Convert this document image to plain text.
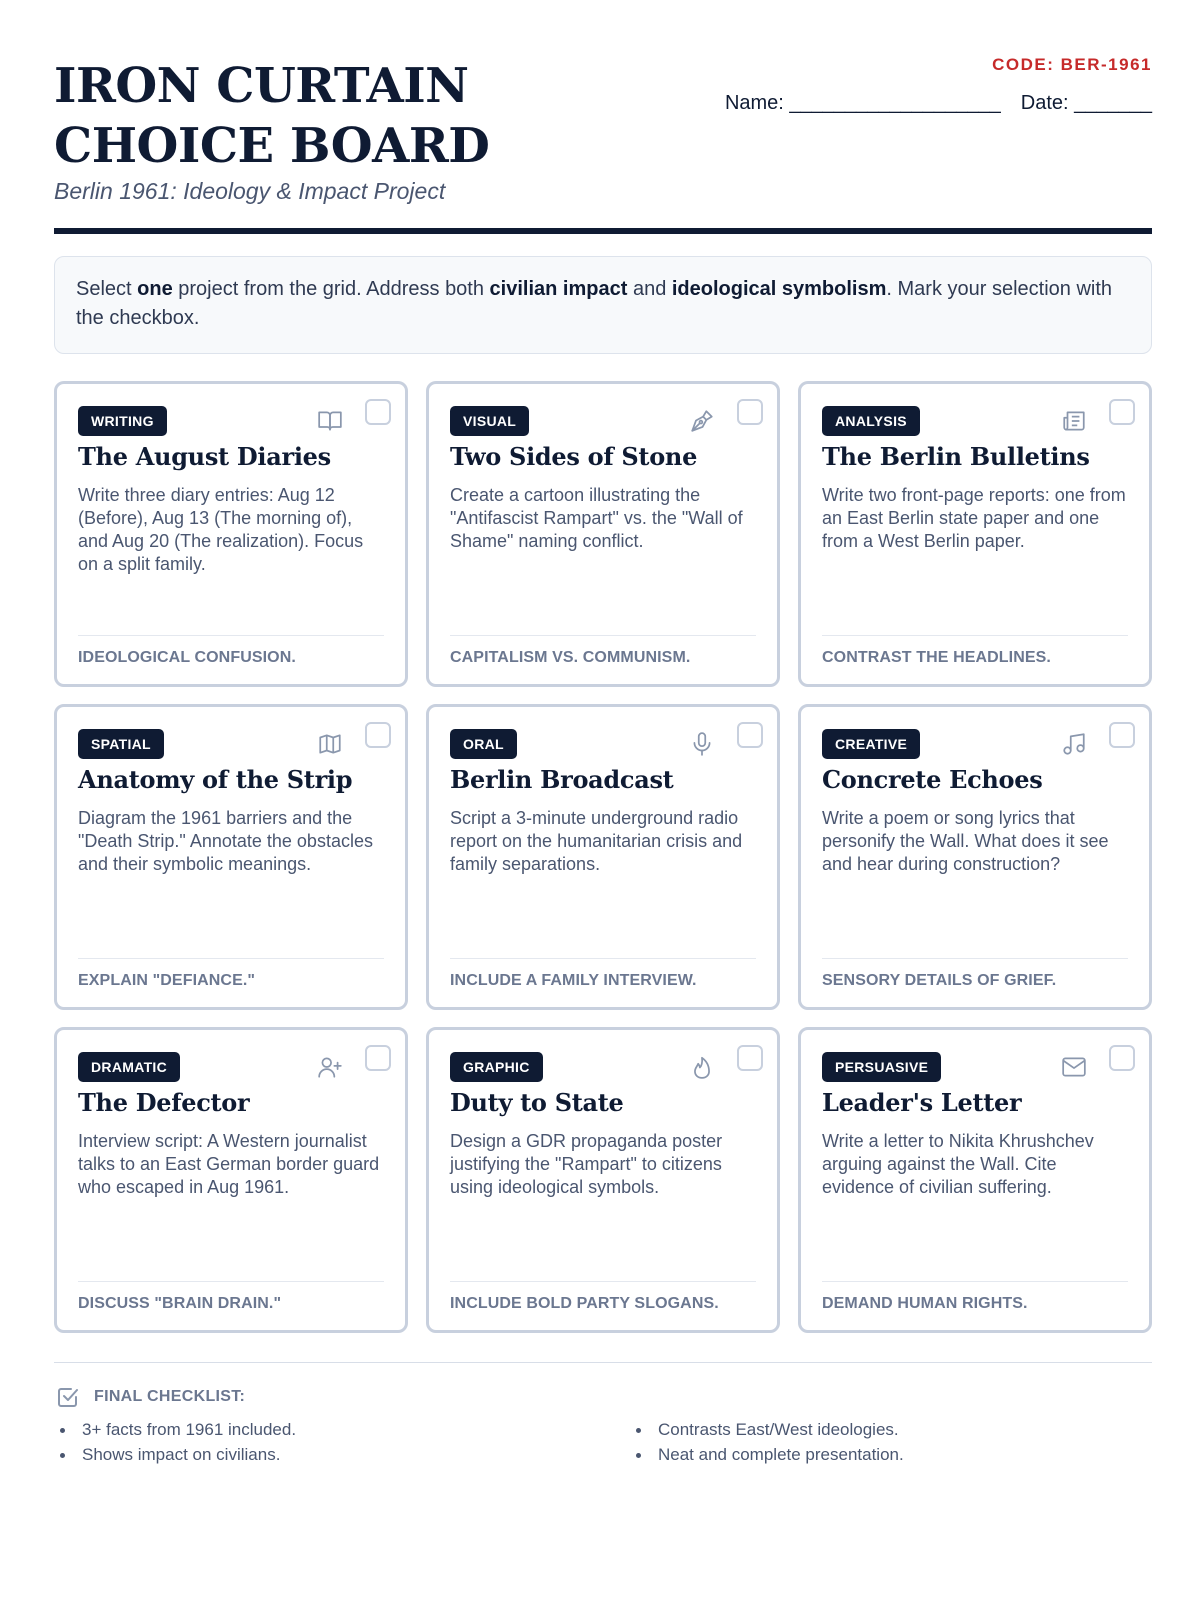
IRON CURTAIN CHOICE BOARD
Berlin 1961: Ideology & Impact Project
CODE: BER-1961
Name: ___________________ Date: _______
Select one project from the grid. Address both civilian impact and ideological symbolism. Mark your selection with the checkbox.
WRITING
The August Diaries
Write three diary entries: Aug 12 (Before), Aug 13 (The morning of), and Aug 20 (The realization). Focus on a split family.
IDEOLOGICAL CONFUSION.
VISUAL
Two Sides of Stone
Create a cartoon illustrating the "Antifascist Rampart" vs. the "Wall of Shame" naming conflict.
CAPITALISM VS. COMMUNISM.
ANALYSIS
The Berlin Bulletins
Write two front-page reports: one from an East Berlin state paper and one from a West Berlin paper.
CONTRAST THE HEADLINES.
SPATIAL
Anatomy of the Strip
Diagram the 1961 barriers and the "Death Strip." Annotate the obstacles and their symbolic meanings.
EXPLAIN "DEFIANCE."
ORAL
Berlin Broadcast
Script a 3-minute underground radio report on the humanitarian crisis and family separations.
INCLUDE A FAMILY INTERVIEW.
CREATIVE
Concrete Echoes
Write a poem or song lyrics that personify the Wall. What does it see and hear during construction?
SENSORY DETAILS OF GRIEF.
DRAMATIC
The Defector
Interview script: A Western journalist talks to an East German border guard who escaped in Aug 1961.
DISCUSS "BRAIN DRAIN."
GRAPHIC
Duty to State
Design a GDR propaganda poster justifying the "Rampart" to citizens using ideological symbols.
INCLUDE BOLD PARTY SLOGANS.
PERSUASIVE
Leader's Letter
Write a letter to Nikita Khrushchev arguing against the Wall. Cite evidence of civilian suffering.
DEMAND HUMAN RIGHTS.
FINAL CHECKLIST:
3+ facts from 1961 included.
Shows impact on civilians.
Contrasts East/West ideologies.
Neat and complete presentation.
